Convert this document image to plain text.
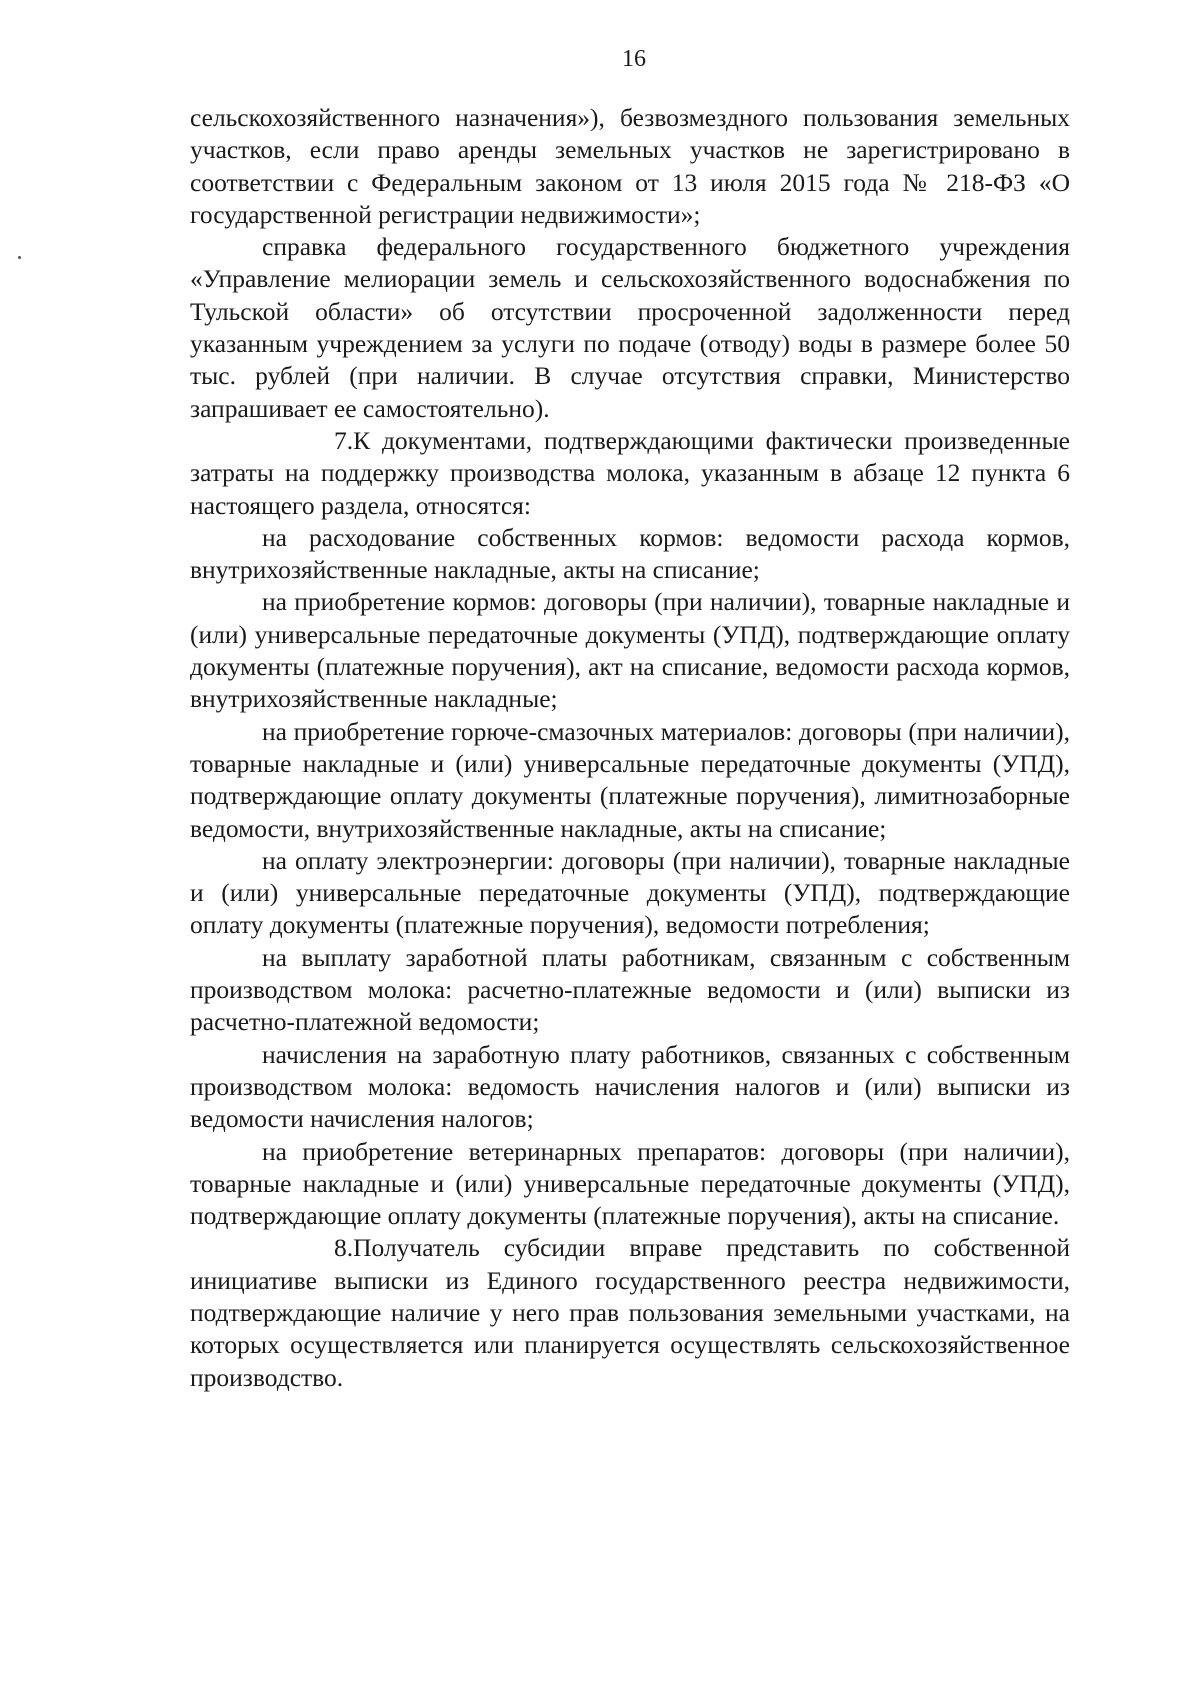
16

сельскохозяйственного назначения»), безвозмездного пользования земельных участков, если право аренды земельных участков не зарегистрировано в соответствии с Федеральным законом от 13 июля 2015 года № 218-ФЗ «О государственной регистрации недвижимости»;

справка федерального государственного бюджетного учреждения «Управление мелиорации земель и сельскохозяйственного водоснабжения по Тульской области» об отсутствии просроченной задолженности перед указанным учреждением за услуги по подаче (отводу) воды в размере более 50 тыс. рублей (при наличии. В случае отсутствия справки, Министерство запрашивает ее самостоятельно).

7.К документами, подтверждающими фактически произведенные затраты на поддержку производства молока, указанным в абзаце 12 пункта 6 настоящего раздела, относятся:

на расходование собственных кормов: ведомости расхода кормов, внутрихозяйственные накладные, акты на списание;

на приобретение кормов: договоры (при наличии), товарные накладные и (или) универсальные передаточные документы (УПД), подтверждающие оплату документы (платежные поручения), акт на списание, ведомости расхода кормов, внутрихозяйственные накладные;

на приобретение горюче-смазочных материалов: договоры (при наличии), товарные накладные и (или) универсальные передаточные документы (УПД), подтверждающие оплату документы (платежные поручения), лимитнозаборные ведомости, внутрихозяйственные накладные, акты на списание;

на оплату электроэнергии: договоры (при наличии), товарные накладные и (или) универсальные передаточные документы (УПД), подтверждающие оплату документы (платежные поручения), ведомости потребления;

на выплату заработной платы работникам, связанным с собственным производством молока: расчетно-платежные ведомости и (или) выписки из расчетно-платежной ведомости;

начисления на заработную плату работников, связанных с собственным производством молока: ведомость начисления налогов и (или) выписки из ведомости начисления налогов;

на приобретение ветеринарных препаратов: договоры (при наличии), товарные накладные и (или) универсальные передаточные документы (УПД), подтверждающие оплату документы (платежные поручения), акты на списание.

8.Получатель субсидии вправе представить по собственной инициативе выписки из Единого государственного реестра недвижимости, подтверждающие наличие у него прав пользования земельными участками, на которых осуществляется или планируется осуществлять сельскохозяйственное производство.
